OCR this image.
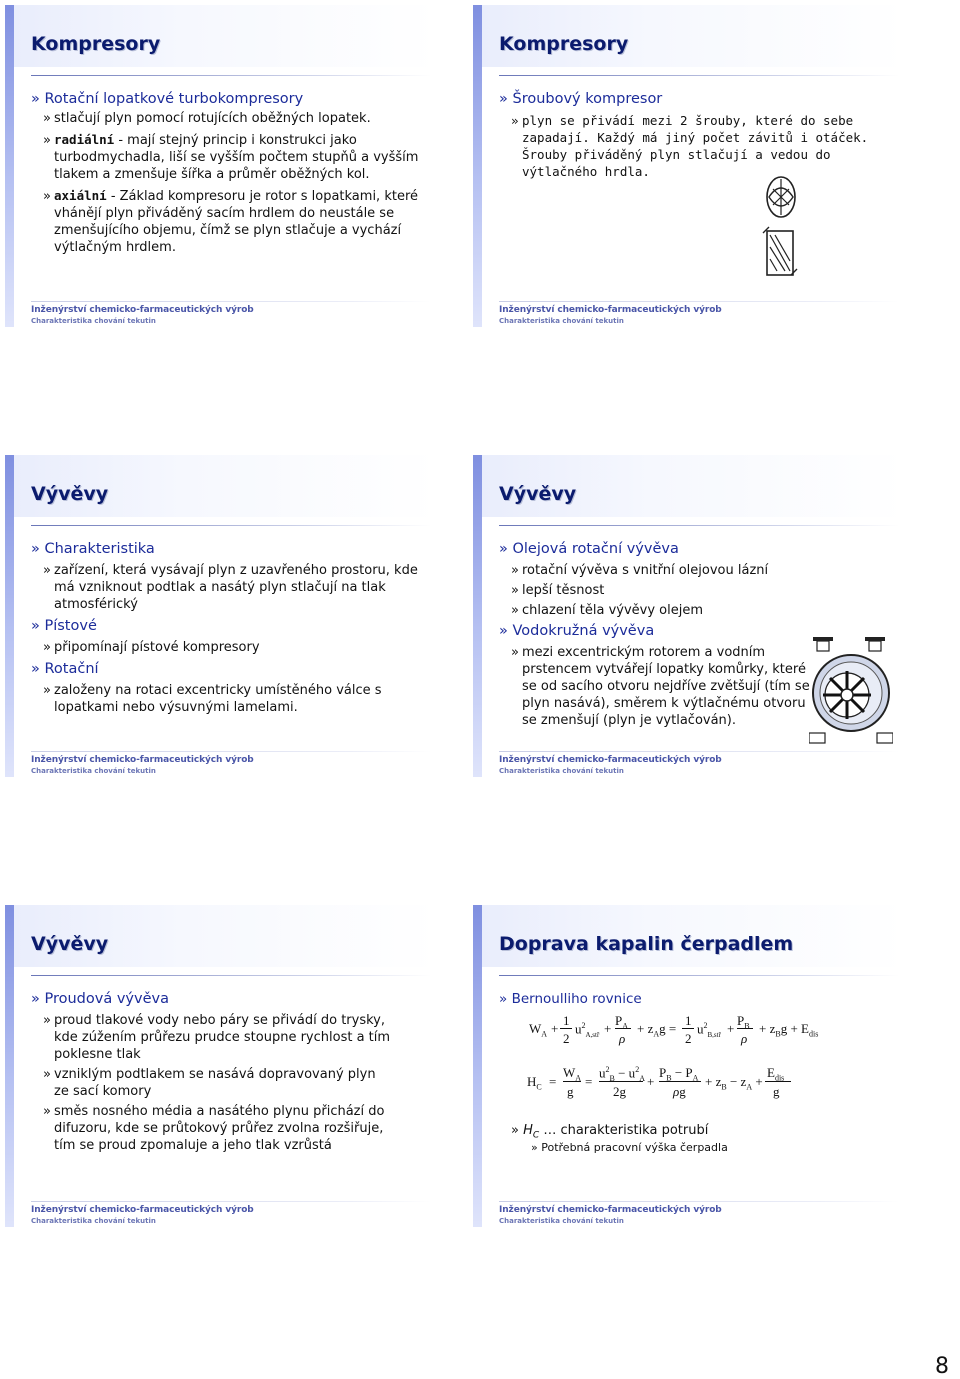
Kompresory
» Rotační lopatkové turbokompresory
» stlačují plyn pomocí rotujících oběžných lopatek.
» radiální - mají stejný princip i konstrukci jako turbodmychadla, liší se vyšším počtem stupňů a vyšším tlakem a zmenšuje šířka a průměr oběžných kol.
» axiální - Základ kompresoru je rotor s lopatkami, které vhánějí plyn přiváděný sacím hrdlem do neustále se zmenšujícího objemu, čímž se plyn stlačuje a vychází výtlačným hrdlem.
Inženýrství chemicko-farmaceutických výrob
Charakteristika chování tekutin
Kompresory
» Šroubový kompresor
» plyn se přivádí mezi 2 šrouby, které do sebe zapadají. Každý má jiný počet závitů i otáček. Šrouby přiváděný plyn stlačují a vedou do výtlačného hrdla.
Inženýrství chemicko-farmaceutických výrob
Charakteristika chování tekutin
Vývěvy
» Charakteristika
» zařízení, která vysávají plyn z uzavřeného prostoru, kde má vzniknout podtlak a nasátý plyn stlačují na tlak atmosférický
» Pístové
» připomínají pístové kompresory
» Rotační
» založeny na rotaci excentricky umístěného válce s lopatkami nebo výsuvnými lamelami.
Inženýrství chemicko-farmaceutických výrob
Charakteristika chování tekutin
Vývěvy
» Olejová rotační vývěva
» rotační vývěva s vnitřní olejovou lázní
» lepší těsnost
» chlazení těla vývěvy olejem
» Vodokružná vývěva
» mezi excentrickým rotorem a vodním prstencem vytvářejí lopatky komůrky, které se od sacího otvoru nejdříve zvětšují (tím se plyn nasává), směrem k výtlačnému otvoru se zmenšují (plyn je vytlačován).
Inženýrství chemicko-farmaceutických výrob
Charakteristika chování tekutin
Vývěvy
» Proudová vývěva
» proud tlakové vody nebo páry se přivádí do trysky, kde zúžením průřezu prudce stoupne rychlost a tím poklesne tlak
» vzniklým podtlakem se nasává dopravovaný plyn ze sací komory
» směs nosného média a nasátého plynu přichází do difuzoru, kde se průtokový průřez zvolna rozšiřuje, tím se proud zpomaluje a jeho tlak vzrůstá
Inženýrství chemicko-farmaceutických výrob
Charakteristika chování tekutin
Doprava kapalin čerpadlem
» Bernoulliho rovnice
$W_A$ +
1
2
$u^2_{A,stř}$ +
$P_A$
ρ
+ $z_Ag$ =
1
2
$u^2_{B,stř}$ +
$P_B$
ρ
+ $z_Bg + E_{dis}$
$H_C$ =
$W_A$
g
=
$u^2_B - u^2_A$
2g
+
$P_B - P_A$
ρg
+ $z_B - z_A$ +
$E_{dis}$
g
» $H_C$ … charakteristika potrubí
» Potřebná pracovní výška čerpadla
Inženýrství chemicko-farmaceutických výrob
Charakteristika chování tekutin
8
